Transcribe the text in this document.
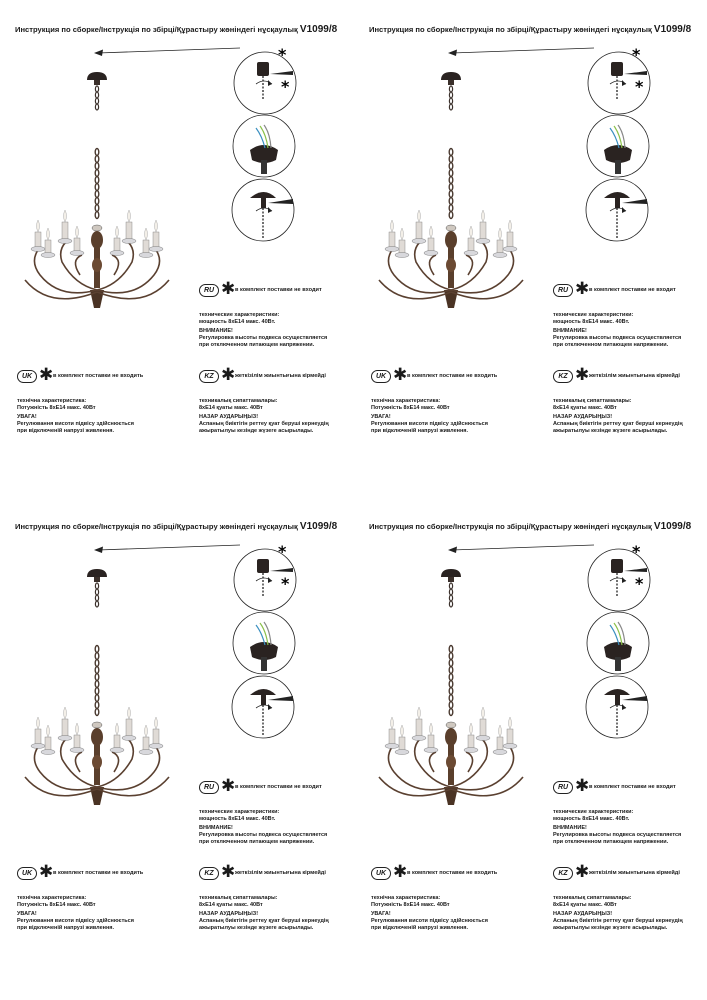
Инструкция по сборке/Інструкція по збірці/Құрастыру жөніндегі нұсқаулық V1099/8
*
*
RU ✱ в комплект поставки не входит
технические характеристики:
мощность 8хЕ14 макс. 40Вт.
ВНИМАНИЕ!
Регулировка высоты подвеса осуществляется
при отключенном питающем напряжении.
UK ✱ в комплект поставки не входить
технічна характеристика:
Потужність 8хЕ14 макс. 40Вт
УВАГА!
Регулювання висоти підвісу здійснюється
при відключеній напрузі живлення.
KZ ✱ жеткізілім жиынтығына кірмейді
техникалық сипаттамалары:
8хЕ14 қуаты макс. 40Вт
НАЗАР АУДАРЫҢЫЗ!
Аспаның биіктігін реттеу қуат беруші кернеудің
ажыратылуы кезінде жүзеге асырылады.
Инструкция по сборке/Інструкція по збірці/Құрастыру жөніндегі нұсқаулық V1099/8
*
*
RU ✱ в комплект поставки не входит
технические характеристики:
мощность 8хЕ14 макс. 40Вт.
ВНИМАНИЕ!
Регулировка высоты подвеса осуществляется
при отключенном питающем напряжении.
UK ✱ в комплект поставки не входить
технічна характеристика:
Потужність 8хЕ14 макс. 40Вт
УВАГА!
Регулювання висоти підвісу здійснюється
при відключеній напрузі живлення.
KZ ✱ жеткізілім жиынтығына кірмейді
техникалық сипаттамалары:
8хЕ14 қуаты макс. 40Вт
НАЗАР АУДАРЫҢЫЗ!
Аспаның биіктігін реттеу қуат беруші кернеудің
ажыратылуы кезінде жүзеге асырылады.
Инструкция по сборке/Інструкція по збірці/Құрастыру жөніндегі нұсқаулық V1099/8
*
*
RU ✱ в комплект поставки не входит
технические характеристики:
мощность 8хЕ14 макс. 40Вт.
ВНИМАНИЕ!
Регулировка высоты подвеса осуществляется
при отключенном питающем напряжении.
UK ✱ в комплект поставки не входить
технічна характеристика:
Потужність 8хЕ14 макс. 40Вт
УВАГА!
Регулювання висоти підвісу здійснюється
при відключеній напрузі живлення.
KZ ✱ жеткізілім жиынтығына кірмейді
техникалық сипаттамалары:
8хЕ14 қуаты макс. 40Вт
НАЗАР АУДАРЫҢЫЗ!
Аспаның биіктігін реттеу қуат беруші кернеудің
ажыратылуы кезінде жүзеге асырылады.
Инструкция по сборке/Інструкція по збірці/Құрастыру жөніндегі нұсқаулық V1099/8
*
*
RU ✱ в комплект поставки не входит
технические характеристики:
мощность 8хЕ14 макс. 40Вт.
ВНИМАНИЕ!
Регулировка высоты подвеса осуществляется
при отключенном питающем напряжении.
UK ✱ в комплект поставки не входить
технічна характеристика:
Потужність 8хЕ14 макс. 40Вт
УВАГА!
Регулювання висоти підвісу здійснюється
при відключеній напрузі живлення.
KZ ✱ жеткізілім жиынтығына кірмейді
техникалық сипаттамалары:
8хЕ14 қуаты макс. 40Вт
НАЗАР АУДАРЫҢЫЗ!
Аспаның биіктігін реттеу қуат беруші кернеудің
ажыратылуы кезінде жүзеге асырылады.
